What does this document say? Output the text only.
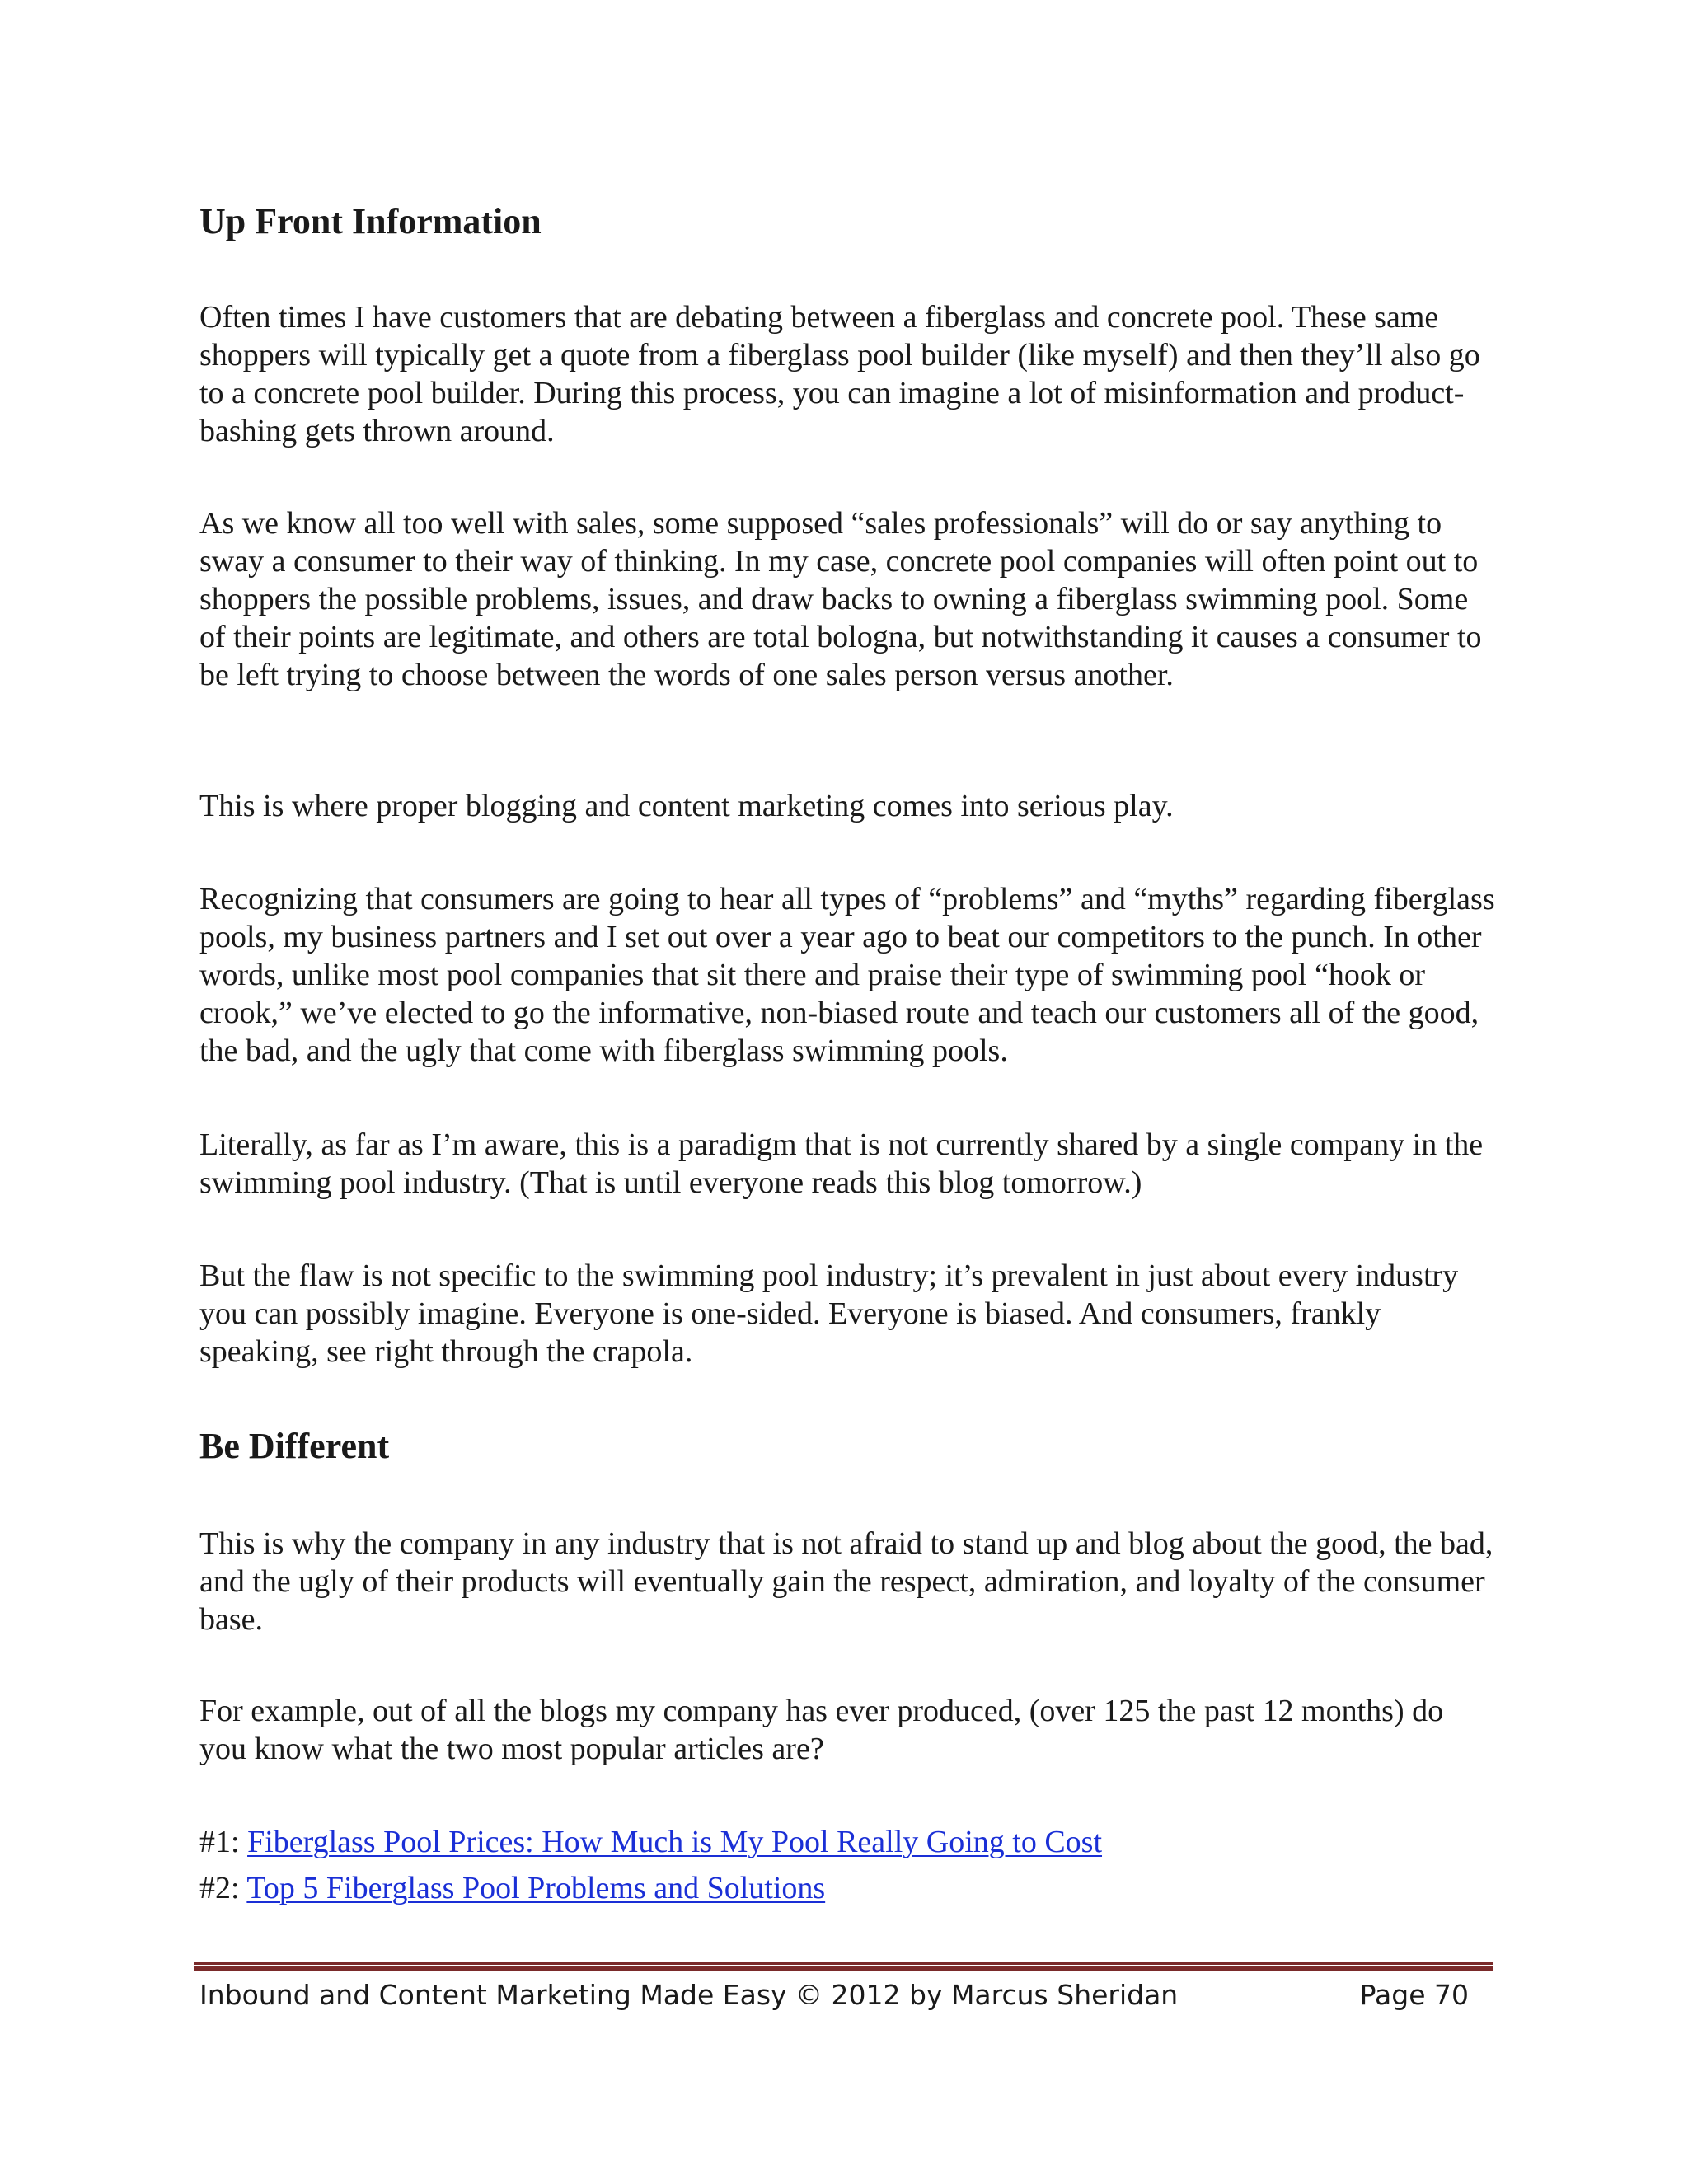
Up Front Information

Often times I have customers that are debating between a fiberglass and concrete pool. These same shoppers will typically get a quote from a fiberglass pool builder (like myself) and then they’ll also go to a concrete pool builder. During this process, you can imagine a lot of misinformation and product-bashing gets thrown around.

As we know all too well with sales, some supposed “sales professionals” will do or say anything to sway a consumer to their way of thinking. In my case, concrete pool companies will often point out to shoppers the possible problems, issues, and draw backs to owning a fiberglass swimming pool. Some of their points are legitimate, and others are total bologna, but notwithstanding it causes a consumer to be left trying to choose between the words of one sales person versus another.

This is where proper blogging and content marketing comes into serious play.

Recognizing that consumers are going to hear all types of “problems” and “myths” regarding fiberglass pools, my business partners and I set out over a year ago to beat our competitors to the punch. In other words, unlike most pool companies that sit there and praise their type of swimming pool “hook or crook,” we’ve elected to go the informative, non-biased route and teach our customers all of the good, the bad, and the ugly that come with fiberglass swimming pools.

Literally, as far as I’m aware, this is a paradigm that is not currently shared by a single company in the swimming pool industry. (That is until everyone reads this blog tomorrow.)

But the flaw is not specific to the swimming pool industry; it’s prevalent in just about every industry you can possibly imagine. Everyone is one-sided. Everyone is biased. And consumers, frankly speaking, see right through the crapola.

Be Different

This is why the company in any industry that is not afraid to stand up and blog about the good, the bad, and the ugly of their products will eventually gain the respect, admiration, and loyalty of the consumer base.

For example, out of all the blogs my company has ever produced, (over 125 the past 12 months) do you know what the two most popular articles are?

#1: Fiberglass Pool Prices: How Much is My Pool Really Going to Cost
#2: Top 5 Fiberglass Pool Problems and Solutions
Inbound and Content Marketing Made Easy © 2012 by Marcus Sheridan	Page 70
